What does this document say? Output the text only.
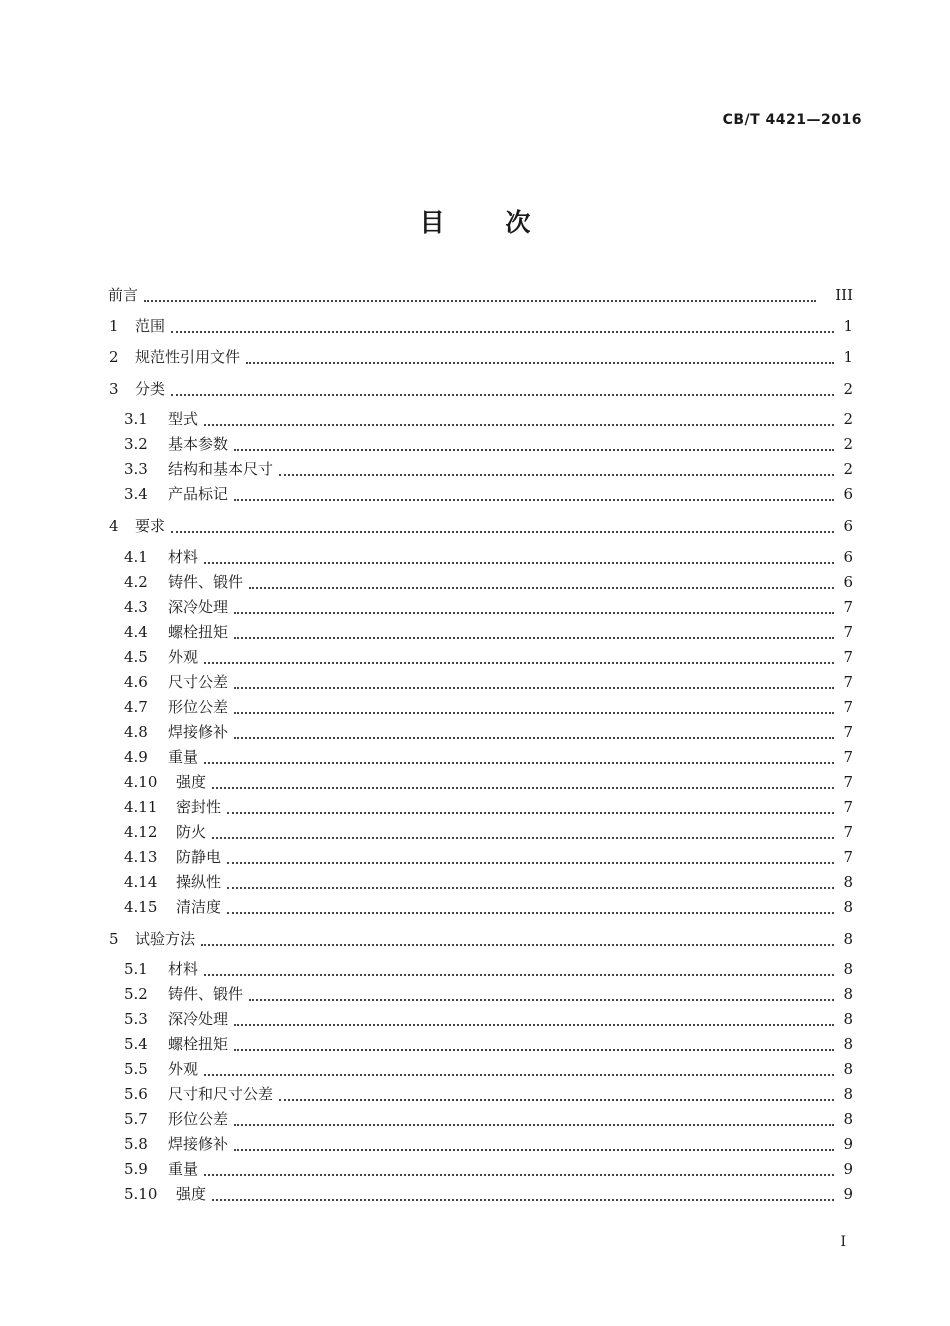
CB/T 4421—2016
目 次
前言	III
1 范围	1
2 规范性引用文件	1
3 分类	2
3.1 型式	2
3.2 基本参数	2
3.3 结构和基本尺寸	2
3.4 产品标记	6
4 要求	6
4.1 材料	6
4.2 铸件、锻件	6
4.3 深冷处理	7
4.4 螺栓扭矩	7
4.5 外观	7
4.6 尺寸公差	7
4.7 形位公差	7
4.8 焊接修补	7
4.9 重量	7
4.10 强度	7
4.11 密封性	7
4.12 防火	7
4.13 防静电	7
4.14 操纵性	8
4.15 清洁度	8
5 试验方法	8
5.1 材料	8
5.2 铸件、锻件	8
5.3 深冷处理	8
5.4 螺栓扭矩	8
5.5 外观	8
5.6 尺寸和尺寸公差	8
5.7 形位公差	8
5.8 焊接修补	9
5.9 重量	9
5.10 强度	9
I
